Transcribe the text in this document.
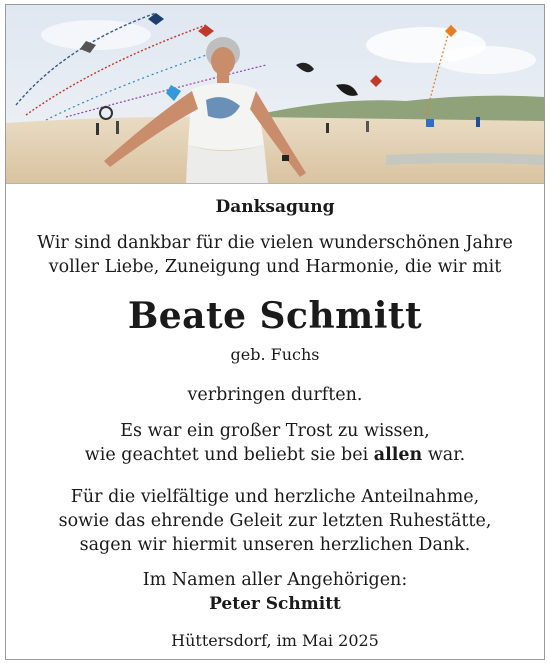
Danksagung
Wir sind dankbar für die vielen wunderschönen Jahre
voller Liebe, Zuneigung und Harmonie, die wir mit
Beate Schmitt
geb. Fuchs
verbringen durften.
Es war ein großer Trost zu wissen,
wie geachtet und beliebt sie bei allen war.
Für die vielfältige und herzliche Anteilnahme,
sowie das ehrende Geleit zur letzten Ruhestätte,
sagen wir hiermit unseren herzlichen Dank.
Im Namen aller Angehörigen:
Peter Schmitt
Hüttersdorf, im Mai 2025
